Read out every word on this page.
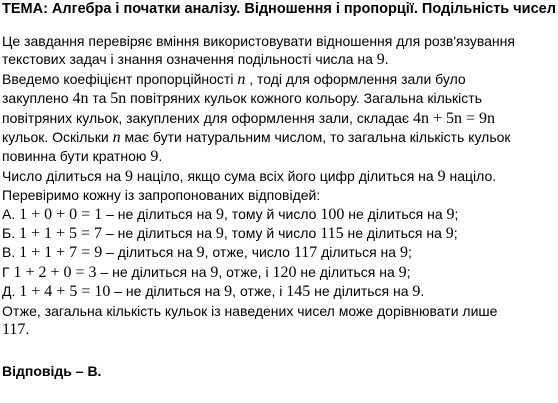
ТЕМА: Алгебра і початки аналізу. Відношення і пропорції. Подільність чисел
Це завдання перевіряє вміння використовувати відношення для розв'язування
текстових задач і знання означення подільності числа на 9.
Введемо коефіцієнт пропорційності n , тоді для оформлення зали було
закуплено 4n та 5n повітряних кульок кожного кольору. Загальна кількість
повітряних кульок, закуплених для оформлення зали, складає 4n + 5n = 9n
кульок. Оскільки n має бути натуральним числом, то загальна кількість кульок
повинна бути кратною 9.
Число ділиться на 9 націло, якщо сума всіх його цифр ділиться на 9 націло.
Перевіримо кожну із запропонованих відповідей:
А. 1 + 0 + 0 = 1 – не ділиться на 9, тому й число 100 не ділиться на 9;
Б. 1 + 1 + 5 = 7 – не ділиться на 9, тому й число 115 не ділиться на 9;
В. 1 + 1 + 7 = 9 – ділиться на 9, отже, число 117 ділиться на 9;
Г 1 + 2 + 0 = 3 – не ділиться на 9, отже, і 120 не ділиться на 9;
Д. 1 + 4 + 5 = 10 – не ділиться на 9, отже, і 145 не ділиться на 9.
Отже, загальна кількість кульок із наведених чисел може дорівнювати лише
117.
Відповідь – В.
